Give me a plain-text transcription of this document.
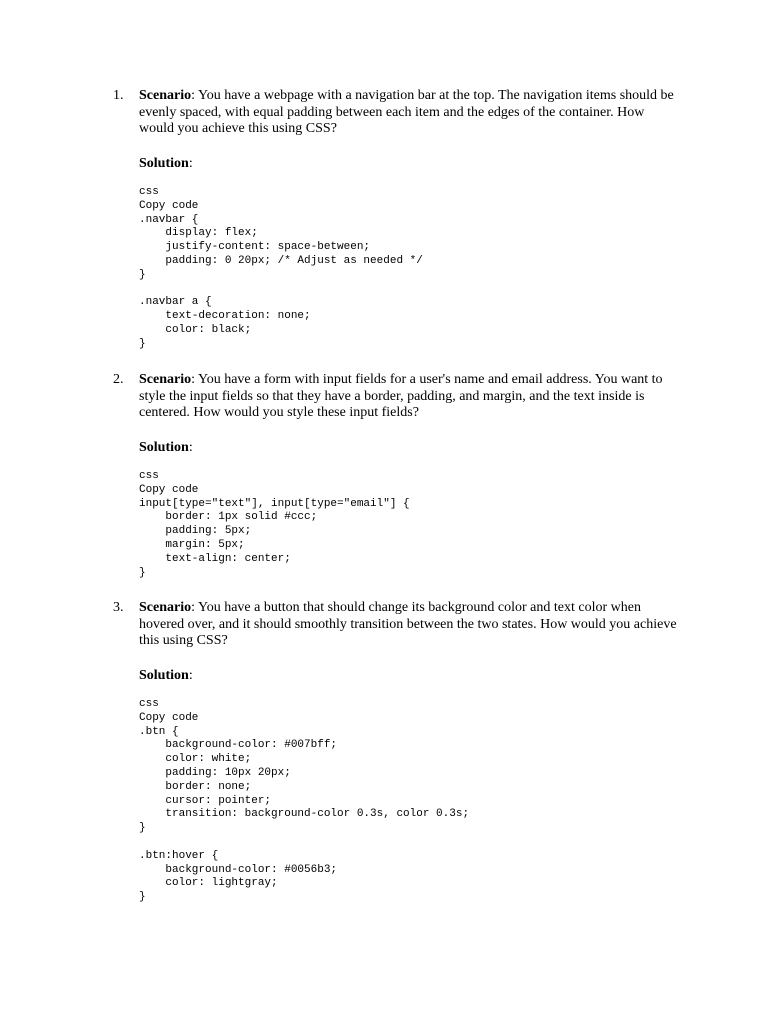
1. Scenario: You have a webpage with a navigation bar at the top. The navigation items should be evenly spaced, with equal padding between each item and the edges of the container. How would you achieve this using CSS?

Solution:

css
Copy code
.navbar {
display: flex;
justify-content: space-between;
padding: 0 20px; /* Adjust as needed */
}

.navbar a {
text-decoration: none;
color: black;
}
2. Scenario: You have a form with input fields for a user's name and email address. You want to style the input fields so that they have a border, padding, and margin, and the text inside is centered. How would you style these input fields?

Solution:

css
Copy code
input[type="text"], input[type="email"] {
border: 1px solid #ccc;
padding: 5px;
margin: 5px;
text-align: center;
}
3. Scenario: You have a button that should change its background color and text color when hovered over, and it should smoothly transition between the two states. How would you achieve this using CSS?

Solution:

css
Copy code
.btn {
background-color: #007bff;
color: white;
padding: 10px 20px;
border: none;
cursor: pointer;
transition: background-color 0.3s, color 0.3s;
}

.btn:hover {
background-color: #0056b3;
color: lightgray;
}
